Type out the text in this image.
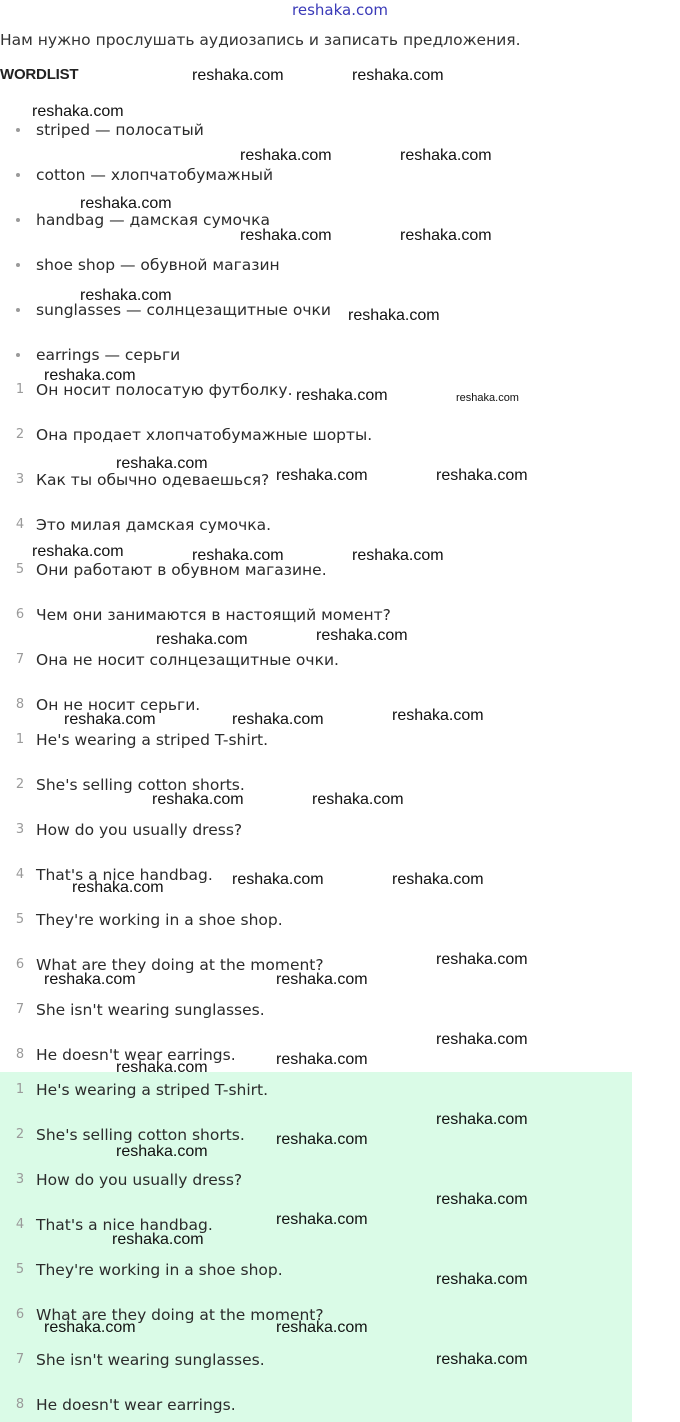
reshaka.com
Нам нужно прослушать аудиозапись и записать предложения.
WORDLIST
striped — полосатый
cotton — хлопчатобумажный
handbag — дамская сумочка
shoe shop — обувной магазин
sunglasses — солнцезащитные очки
earrings — серьги
1 Он носит полосатую футболку.
2 Она продает хлопчатобумажные шорты.
3 Как ты обычно одеваешься?
4 Это милая дамская сумочка.
5 Они работают в обувном магазине.
6 Чем они занимаются в настоящий момент?
7 Она не носит солнцезащитные очки.
8 Он не носит серьги.
1 He's wearing a striped T-shirt.
2 She's selling cotton shorts.
3 How do you usually dress?
4 That's a nice handbag.
5 They're working in a shoe shop.
6 What are they doing at the moment?
7 She isn't wearing sunglasses.
8 He doesn't wear earrings.
1 He's wearing a striped T-shirt.
2 She's selling cotton shorts.
3 How do you usually dress?
4 That's a nice handbag.
5 They're working in a shoe shop.
6 What are they doing at the moment?
7 She isn't wearing sunglasses.
8 He doesn't wear earrings.
reshaka.com	reshaka.com
reshaka.com
reshaka.com	reshaka.com
reshaka.com
reshaka.com	reshaka.com
reshaka.com
reshaka.com
reshaka.com
reshaka.com
reshaka.com
reshaka.com	reshaka.com
reshaka.com	reshaka.com	reshaka.com
reshaka.com	reshaka.com
reshaka.com	reshaka.com	reshaka.com
reshaka.com	reshaka.com
reshaka.com	reshaka.com	reshaka.com
reshaka.com
reshaka.com	reshaka.com
reshaka.com
reshaka.com
reshaka.com
reshaka.com
reshaka.com
reshaka.com
reshaka.com
reshaka.com
reshaka.com
reshaka.com
reshaka.com	reshaka.com
reshaka.com
reshaka.com
